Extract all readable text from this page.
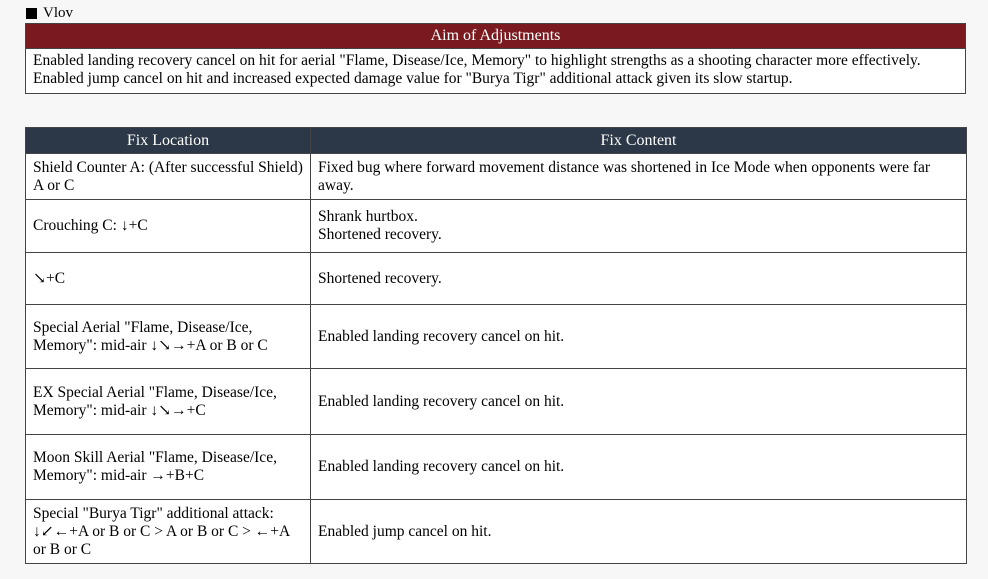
Vlov
Aim of Adjustments

Enabled landing recovery cancel on hit for aerial "Flame, Disease/Ice, Memory" to highlight strengths as a shooting character more effectively.

Enabled jump cancel on hit and increased expected damage value for "Burya Tigr" additional attack given its slow startup.

Fix Location	Fix Content
Shield Counter A: (After successful Shield) A or C	Fixed bug where forward movement distance was shortened in Ice Mode when opponents were far away.

Crouching C: ↓+C	Shrank hurtbox.
Shortened recovery.

↘+C	Shortened recovery.

Special Aerial "Flame, Disease/Ice, Memory": mid-air ↓↘→+A or B or C	Enabled landing recovery cancel on hit.

EX Special Aerial "Flame, Disease/Ice, Memory": mid-air ↓↘→+C	Enabled landing recovery cancel on hit.

Moon Skill Aerial "Flame, Disease/Ice, Memory": mid-air →+B+C	Enabled landing recovery cancel on hit.

Special "Burya Tigr" additional attack: ↓↙←+A or B or C > A or B or C > ←+A or B or C	Enabled jump cancel on hit.
